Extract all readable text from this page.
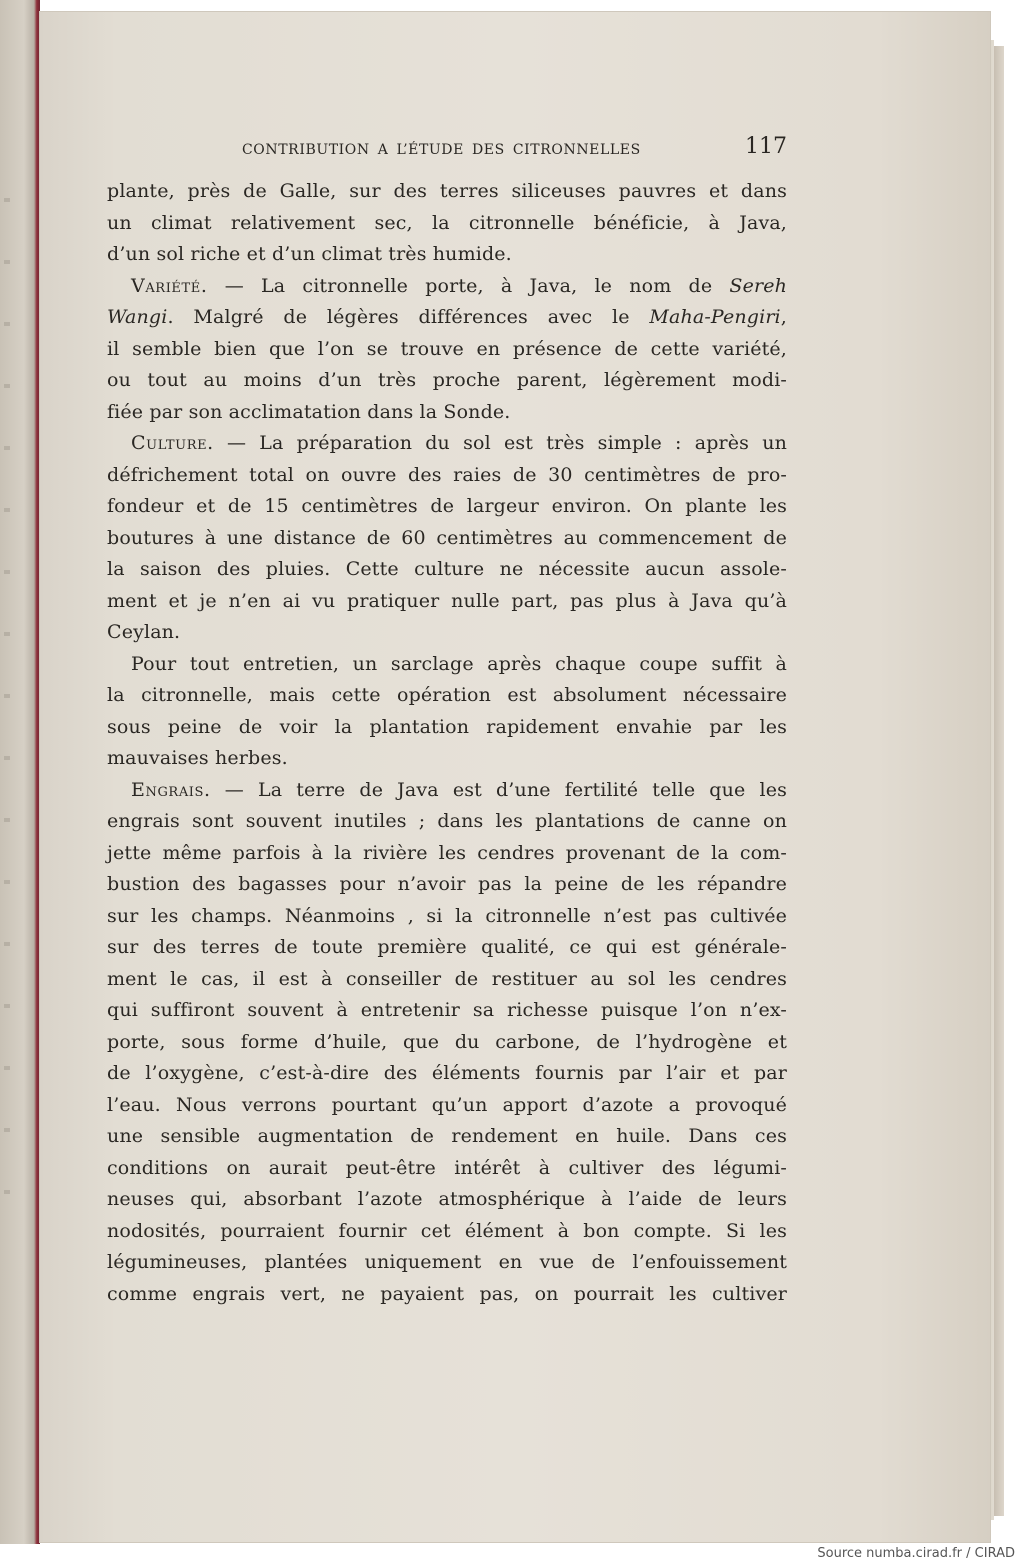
CONTRIBUTION A L’ÉTUDE DES CITRONNELLES	117

plante, près de Galle, sur des terres siliceuses pauvres et dans
un climat relativement sec, la citronnelle bénéficie, à Java,
d’un sol riche et d’un climat très humide.

Variété. — La citronnelle porte, à Java, le nom de Sereh
Wangi. Malgré de légères différences avec le Maha-Pengiri,
il semble bien que l’on se trouve en présence de cette variété,
ou tout au moins d’un très proche parent, légèrement modi-
fiée par son acclimatation dans la Sonde.

Culture. — La préparation du sol est très simple : après un
défrichement total on ouvre des raies de 30 centimètres de pro-
fondeur et de 15 centimètres de largeur environ. On plante les
boutures à une distance de 60 centimètres au commencement de
la saison des pluies. Cette culture ne nécessite aucun assole-
ment et je n’en ai vu pratiquer nulle part, pas plus à Java qu’à
Ceylan.

Pour tout entretien, un sarclage après chaque coupe suffit à
la citronnelle, mais cette opération est absolument nécessaire
sous peine de voir la plantation rapidement envahie par les
mauvaises herbes.

Engrais. — La terre de Java est d’une fertilité telle que les
engrais sont souvent inutiles ; dans les plantations de canne on
jette même parfois à la rivière les cendres provenant de la com-
bustion des bagasses pour n’avoir pas la peine de les répandre
sur les champs. Néanmoins , si la citronnelle n’est pas cultivée
sur des terres de toute première qualité, ce qui est générale-
ment le cas, il est à conseiller de restituer au sol les cendres
qui suffiront souvent à entretenir sa richesse puisque l’on n’ex-
porte, sous forme d’huile, que du carbone, de l’hydrogène et
de l’oxygène, c’est-à-dire des éléments fournis par l’air et par
l’eau. Nous verrons pourtant qu’un apport d’azote a provoqué
une sensible augmentation de rendement en huile. Dans ces
conditions on aurait peut-être intérêt à cultiver des légumi-
neuses qui, absorbant l’azote atmosphérique à l’aide de leurs
nodosités, pourraient fournir cet élément à bon compte. Si les
légumineuses, plantées uniquement en vue de l’enfouissement
comme engrais vert, ne payaient pas, on pourrait les cultiver

Source numba.cirad.fr / CIRAD
